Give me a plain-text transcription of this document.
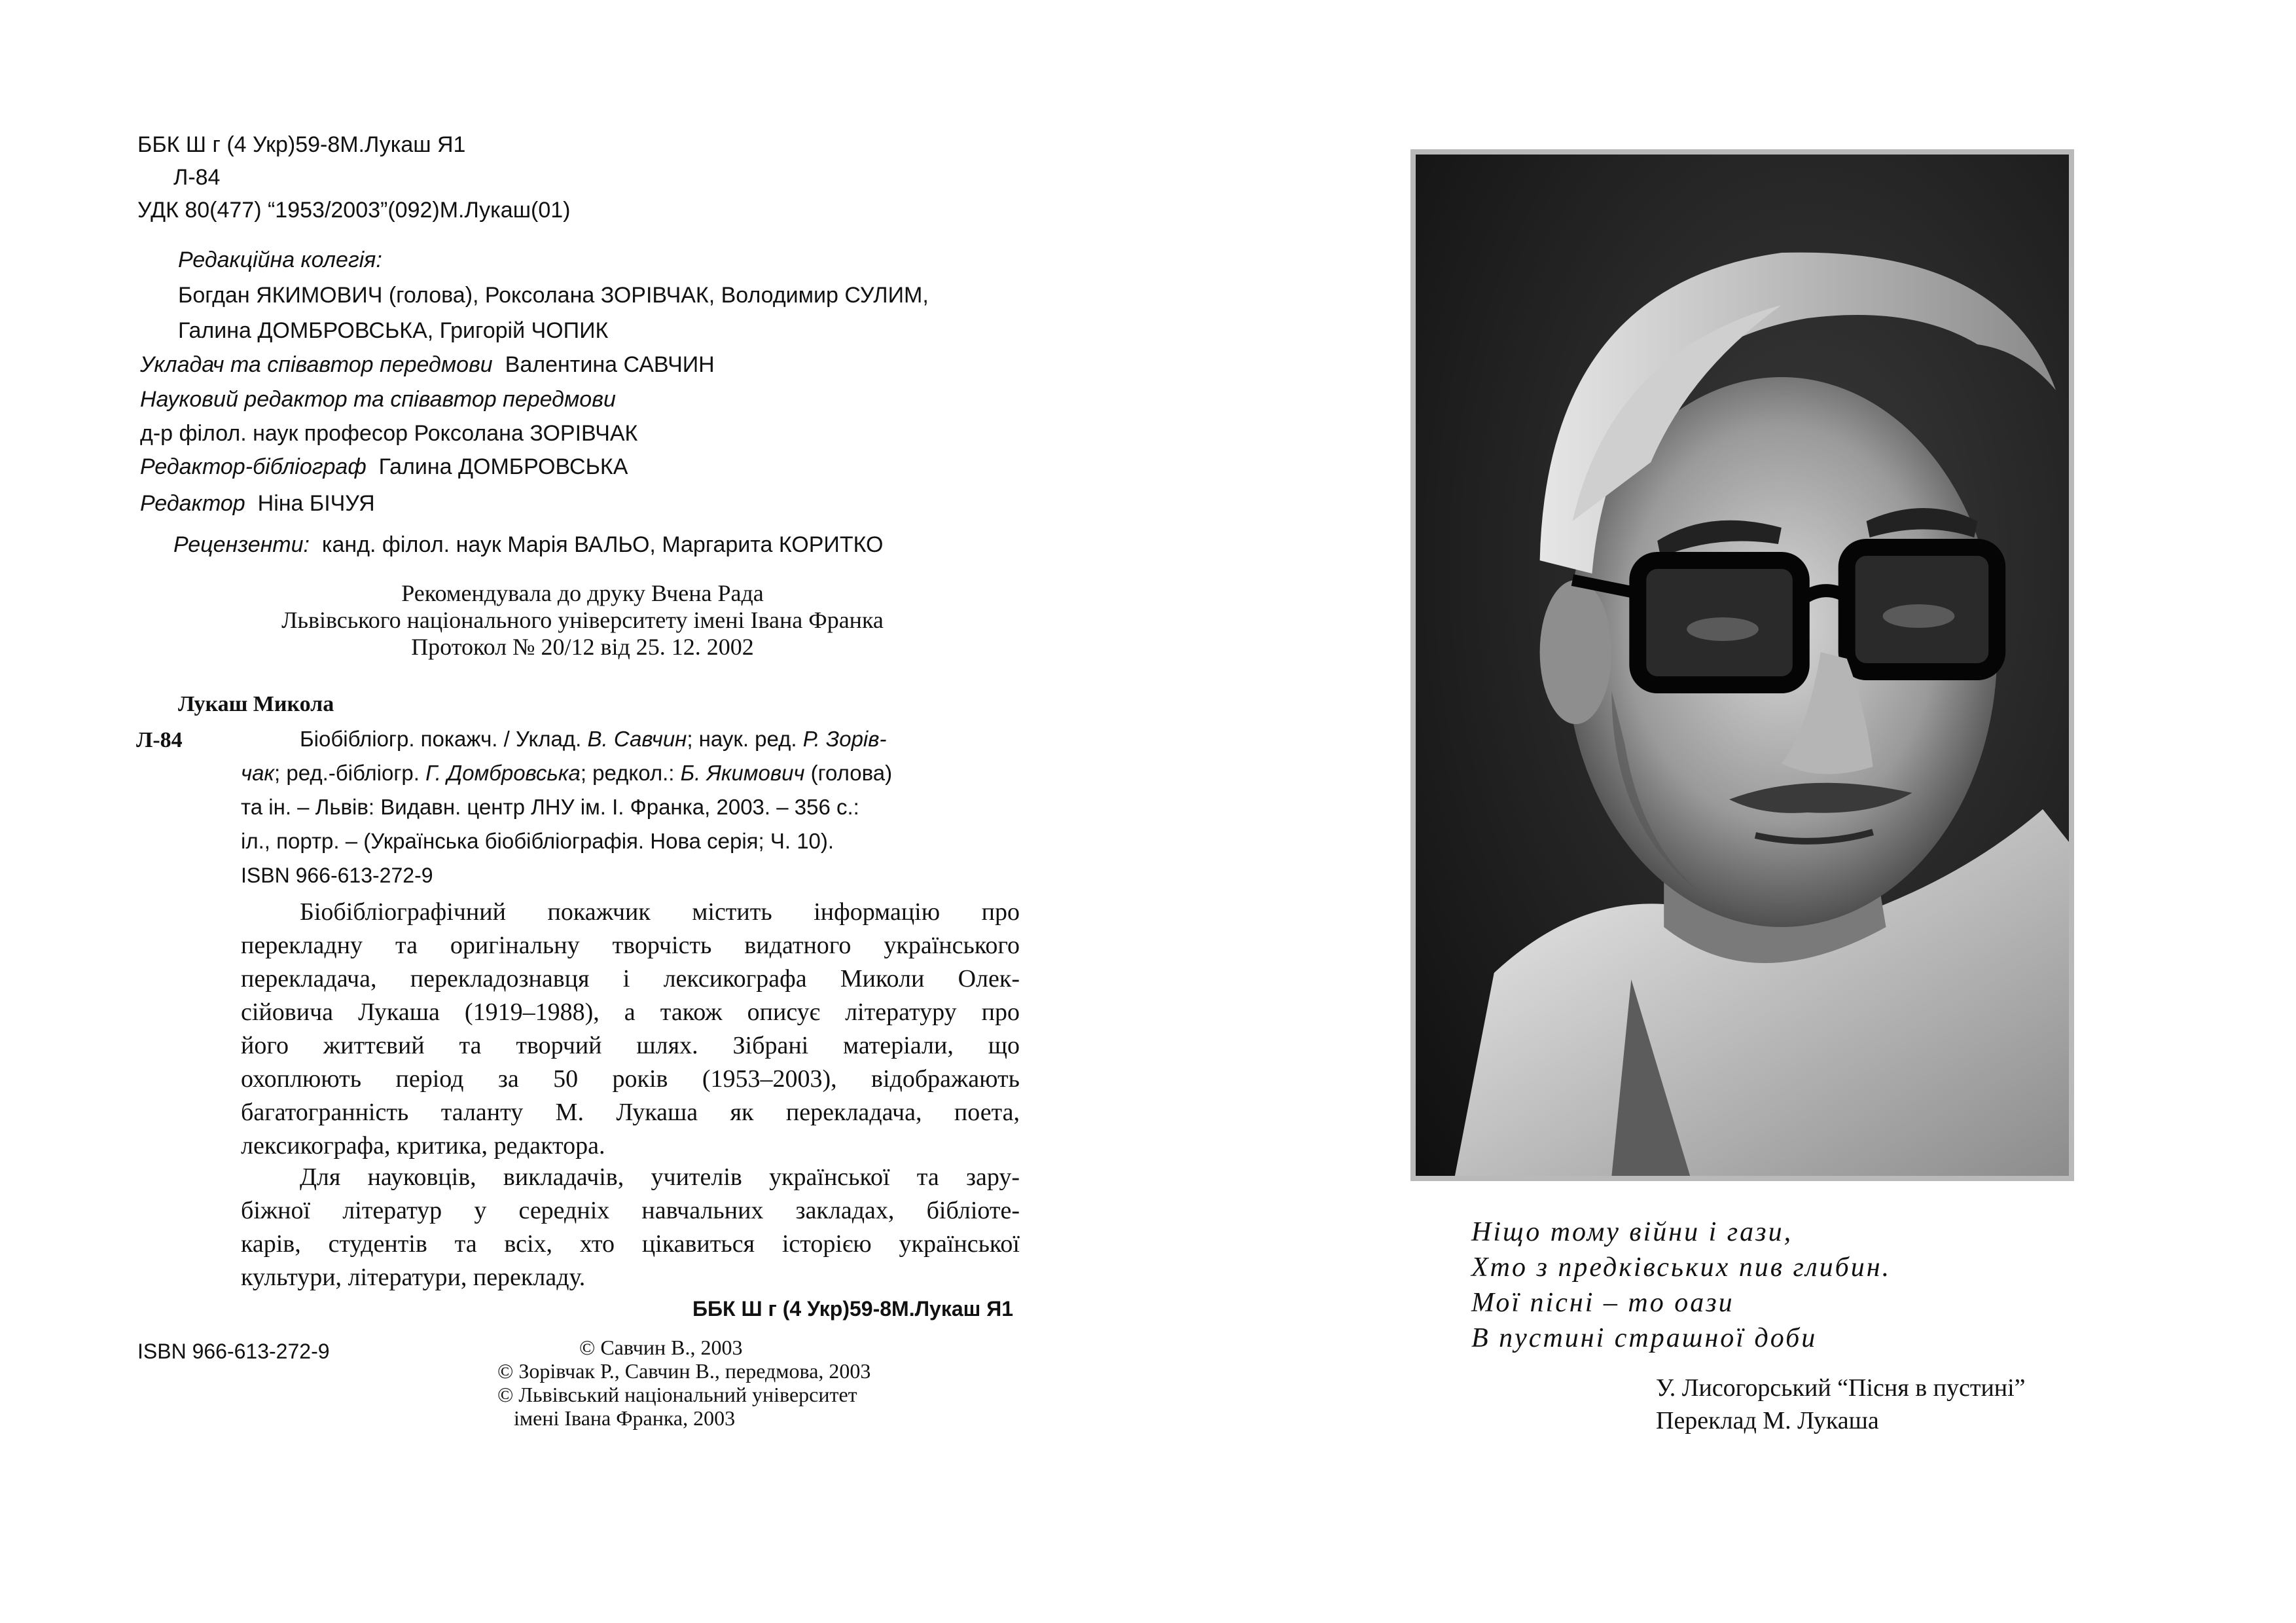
ББК Ш г (4 Укр)59-8М.Лукаш Я1
Л-84
УДК 80(477) “1953/2003”(092)М.Лукаш(01)
Редакційна колегія:
Богдан ЯКИМОВИЧ (голова), Роксолана ЗОРІВЧАК, Володимир СУЛИМ,
Галина ДОМБРОВСЬКА, Григорій ЧОПИК
Укладач та співавтор передмови Валентина САВЧИН
Науковий редактор та співавтор передмови
д-р філол. наук професор Роксолана ЗОРІВЧАК
Редактор-бібліограф Галина ДОМБРОВСЬКА
Редактор Ніна БІЧУЯ
Рецензенти: канд. філол. наук Марія ВАЛЬО, Маргарита КОРИТКО
Рекомендувала до друку Вчена Рада
Львівського національного університету імені Івана Франка
Протокол № 20/12 від 25. 12. 2002
Лукаш Микола
Л-84	Біобібліогр. покажч. / Уклад. В. Савчин; наук. ред. Р. Зорів-
чак; ред.-бібліогр. Г. Домбровська; редкол.: Б. Якимович (голова)
та ін. – Львів: Видавн. центр ЛНУ ім. І. Франка, 2003. – 356 с.:
іл., портр. – (Українська біобібліографія. Нова серія; Ч. 10).
ISBN 966-613-272-9
Біобібліографічний покажчик містить інформацію про
перекладну та оригінальну творчість видатного українського
перекладача, перекладознавця і лексикографа Миколи Олек-
сійовича Лукаша (1919–1988), а також описує літературу про
його життєвий та творчий шлях. Зібрані матеріали, що
охоплюють період за 50 років (1953–2003), відображають
багатогранність таланту М. Лукаша як перекладача, поета,
лексикографа, критика, редактора.
Для науковців, викладачів, учителів української та зару-
біжної літератур у середніх навчальних закладах, бібліоте-
карів, студентів та всіх, хто цікавиться історією української
культури, літератури, перекладу.
ББК Ш г (4 Укр)59-8М.Лукаш Я1
ISBN 966-613-272-9	© Савчин В., 2003
© Зорівчак Р., Савчин В., передмова, 2003
© Львівський національний університет
імені Івана Франка, 2003
Ніщо тому війни і гази,
Хто з предківських пив глибин.
Мої пісні – то оази
В пустині страшної доби
У. Лисогорський “Пісня в пустині”
Переклад М. Лукаша
